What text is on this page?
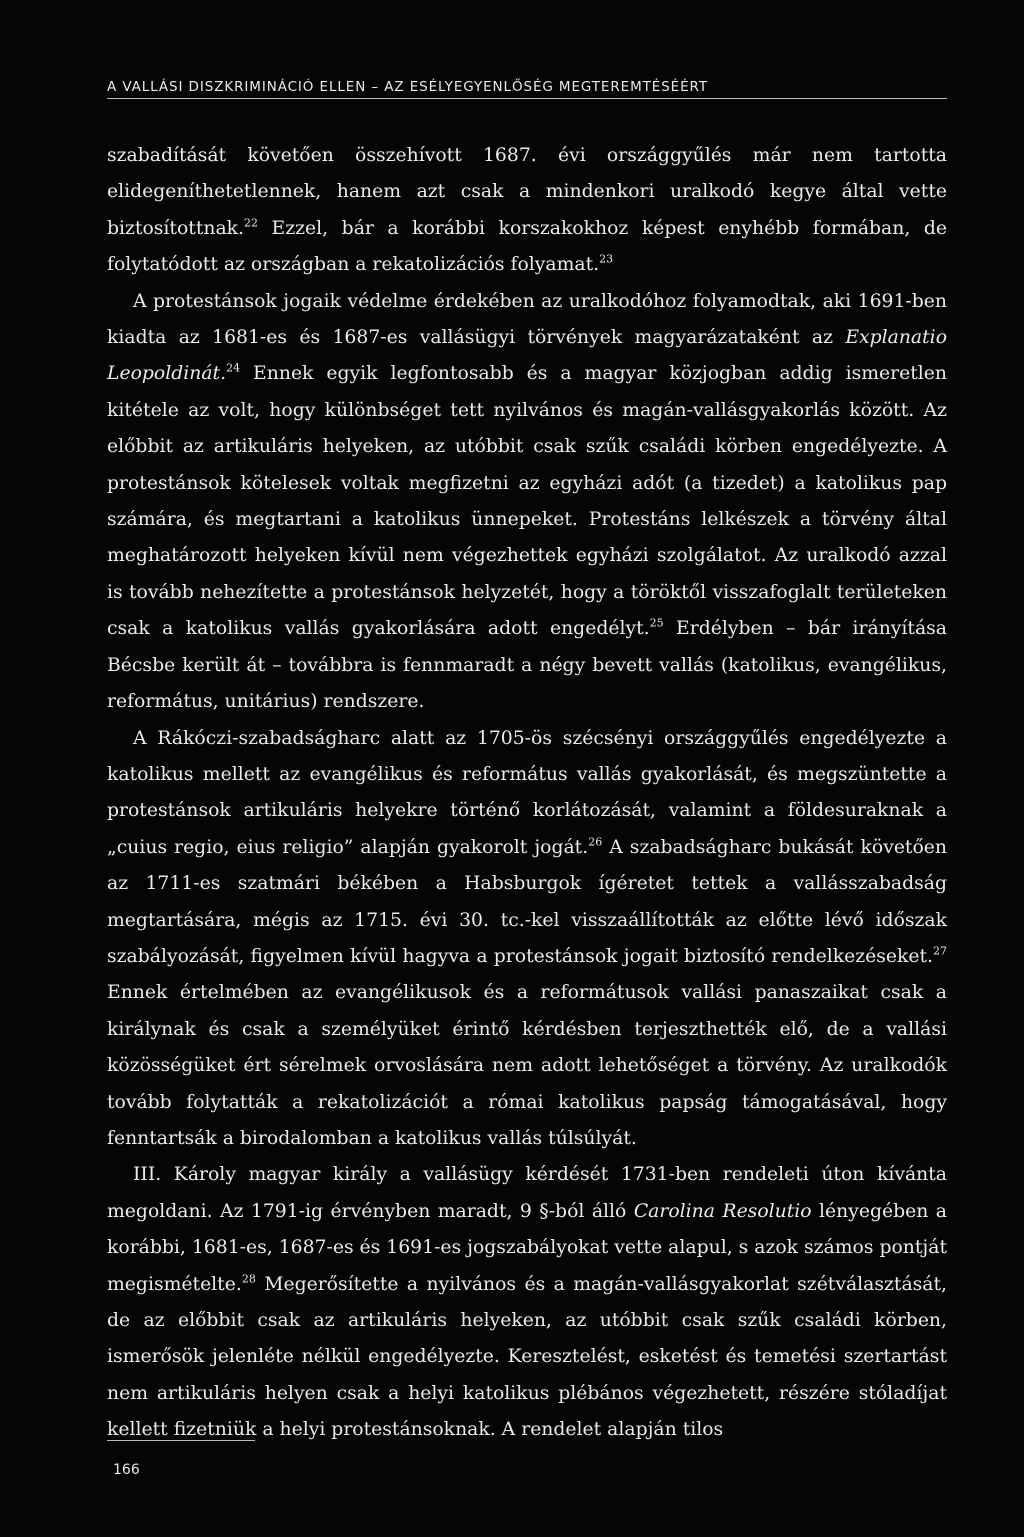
A VALLÁSI DISZKRIMINÁCIÓ ELLEN – AZ ESÉLYEGYENLŐSÉG MEGTEREMTÉSÉÉRT

szabadítását követően összehívott 1687. évi országgyűlés már nem tartotta elidegeníthetetlennek, hanem azt csak a mindenkori uralkodó kegye által vette biztosítottnak.$^{22}$ Ezzel, bár a korábbi korszakokhoz képest enyhébb formában, de folytatódott az országban a rekatolizációs folyamat.$^{23}$

A protestánsok jogaik védelme érdekében az uralkodóhoz folyamodtak, aki 1691-ben kiadta az 1681-es és 1687-es vallásügyi törvények magyarázataként az Explanatio Leopoldinát.$^{24}$ Ennek egyik legfontosabb és a magyar közjogban addig ismeretlen kitétele az volt, hogy különbséget tett nyilvános és magán-vallásgyakorlás között. Az előbbit az artikuláris helyeken, az utóbbit csak szűk családi körben engedélyezte. A protestánsok kötelesek voltak megfizetni az egyházi adót (a tizedet) a katolikus pap számára, és megtartani a katolikus ünnepeket. Protestáns lelkészek a törvény által meghatározott helyeken kívül nem végezhettek egyházi szolgálatot. Az uralkodó azzal is tovább nehezítette a protestánsok helyzetét, hogy a töröktől visszafoglalt területeken csak a katolikus vallás gyakorlására adott engedélyt.$^{25}$ Erdélyben – bár irányítása Bécsbe került át – továbbra is fennmaradt a négy bevett vallás (katolikus, evangélikus, református, unitárius) rendszere.

A Rákóczi-szabadságharc alatt az 1705-ös szécsényi országgyűlés engedélyezte a katolikus mellett az evangélikus és református vallás gyakorlását, és megszüntette a protestánsok artikuláris helyekre történő korlátozását, valamint a földesuraknak a „cuius regio, eius religio” alapján gyakorolt jogát.$^{26}$ A szabadságharc bukását követően az 1711-es szatmári békében a Habsburgok ígéretet tettek a vallásszabadság megtartására, mégis az 1715. évi 30. tc.-kel visszaállították az előtte lévő időszak szabályozását, figyelmen kívül hagyva a protestánsok jogait biztosító rendelkezéseket.$^{27}$ Ennek értelmében az evangélikusok és a reformátusok vallási panaszaikat csak a királynak és csak a személyüket érintő kérdésben terjeszthették elő, de a vallási közösségüket ért sérelmek orvoslására nem adott lehetőséget a törvény. Az uralkodók tovább folytatták a rekatolizációt a római katolikus papság támogatásával, hogy fenntartsák a birodalomban a katolikus vallás túlsúlyát.

III. Károly magyar király a vallásügy kérdését 1731-ben rendeleti úton kívánta megoldani. Az 1791-ig érvényben maradt, 9 §-ból álló Carolina Resolutio lényegében a korábbi, 1681-es, 1687-es és 1691-es jogszabályokat vette alapul, s azok számos pontját megismételte.$^{28}$ Megerősítette a nyilvános és a magán-vallásgyakorlat szétválasztását, de az előbbit csak az artikuláris helyeken, az utóbbit csak szűk családi körben, ismerősök jelenléte nélkül engedélyezte. Keresztelést, esketést és temetési szertartást nem artikuláris helyen csak a helyi katolikus plébános végezhetett, részére stóladíjat kellett fizetniük a helyi protestánsoknak. A rendelet alapján tilos

166
